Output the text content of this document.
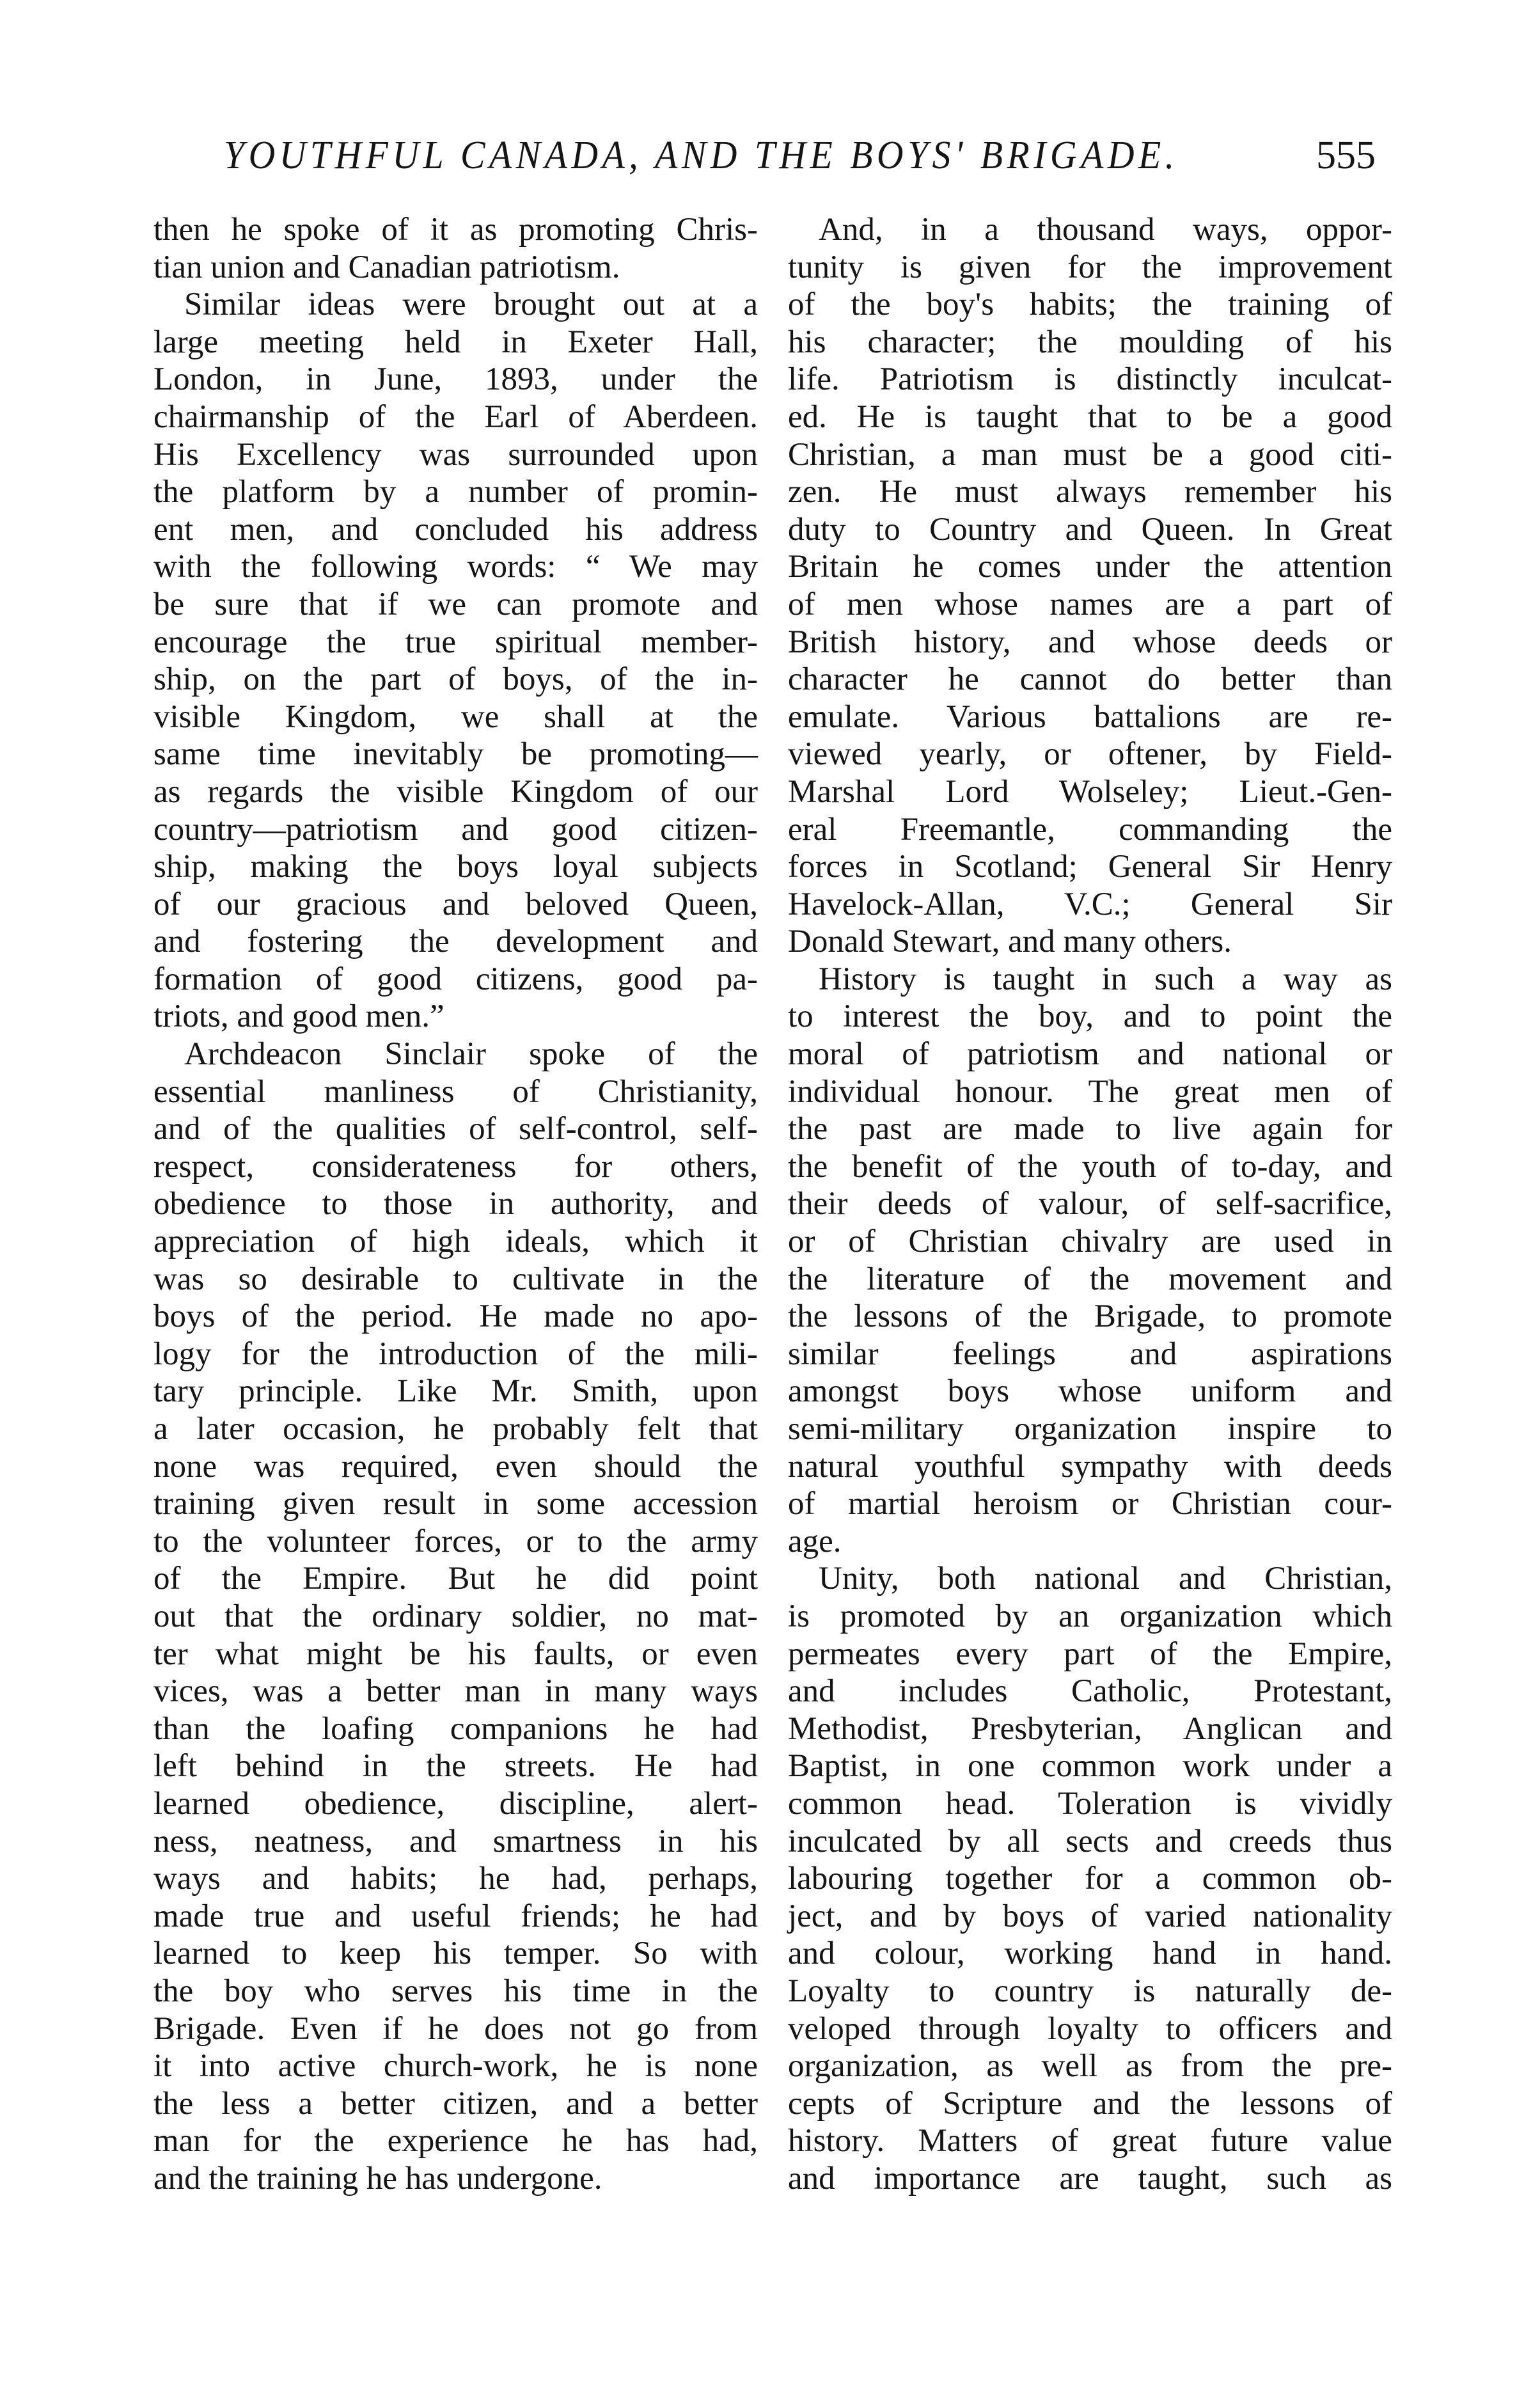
YOUTHFUL CANADA, AND THE BOYS' BRIGADE.	555
then he spoke of it as promoting Chris-
tian union and Canadian patriotism.
Similar ideas were brought out at a
large meeting held in Exeter Hall,
London, in June, 1893, under the
chairmanship of the Earl of Aberdeen.
His Excellency was surrounded upon
the platform by a number of promin-
ent men, and concluded his address
with the following words: “ We may
be sure that if we can promote and
encourage the true spiritual member-
ship, on the part of boys, of the in-
visible Kingdom, we shall at the
same time inevitably be promoting—
as regards the visible Kingdom of our
country—patriotism and good citizen-
ship, making the boys loyal subjects
of our gracious and beloved Queen,
and fostering the development and
formation of good citizens, good pa-
triots, and good men.”
Archdeacon Sinclair spoke of the
essential manliness of Christianity,
and of the qualities of self-control, self-
respect, considerateness for others,
obedience to those in authority, and
appreciation of high ideals, which it
was so desirable to cultivate in the
boys of the period. He made no apo-
logy for the introduction of the mili-
tary principle. Like Mr. Smith, upon
a later occasion, he probably felt that
none was required, even should the
training given result in some accession
to the volunteer forces, or to the army
of the Empire. But he did point
out that the ordinary soldier, no mat-
ter what might be his faults, or even
vices, was a better man in many ways
than the loafing companions he had
left behind in the streets. He had
learned obedience, discipline, alert-
ness, neatness, and smartness in his
ways and habits; he had, perhaps,
made true and useful friends; he had
learned to keep his temper. So with
the boy who serves his time in the
Brigade. Even if he does not go from
it into active church-work, he is none
the less a better citizen, and a better
man for the experience he has had,
and the training he has undergone.
And, in a thousand ways, oppor-
tunity is given for the improvement
of the boy's habits; the training of
his character; the moulding of his
life. Patriotism is distinctly inculcat-
ed. He is taught that to be a good
Christian, a man must be a good citi-
zen. He must always remember his
duty to Country and Queen. In Great
Britain he comes under the attention
of men whose names are a part of
British history, and whose deeds or
character he cannot do better than
emulate. Various battalions are re-
viewed yearly, or oftener, by Field-
Marshal Lord Wolseley; Lieut.-Gen-
eral Freemantle, commanding the
forces in Scotland; General Sir Henry
Havelock-Allan, V.C.; General Sir
Donald Stewart, and many others.
History is taught in such a way as
to interest the boy, and to point the
moral of patriotism and national or
individual honour. The great men of
the past are made to live again for
the benefit of the youth of to-day, and
their deeds of valour, of self-sacrifice,
or of Christian chivalry are used in
the literature of the movement and
the lessons of the Brigade, to promote
similar feelings and aspirations
amongst boys whose uniform and
semi-military organization inspire to
natural youthful sympathy with deeds
of martial heroism or Christian cour-
age.
Unity, both national and Christian,
is promoted by an organization which
permeates every part of the Empire,
and includes Catholic, Protestant,
Methodist, Presbyterian, Anglican and
Baptist, in one common work under a
common head. Toleration is vividly
inculcated by all sects and creeds thus
labouring together for a common ob-
ject, and by boys of varied nationality
and colour, working hand in hand.
Loyalty to country is naturally de-
veloped through loyalty to officers and
organization, as well as from the pre-
cepts of Scripture and the lessons of
history. Matters of great future value
and importance are taught, such as
